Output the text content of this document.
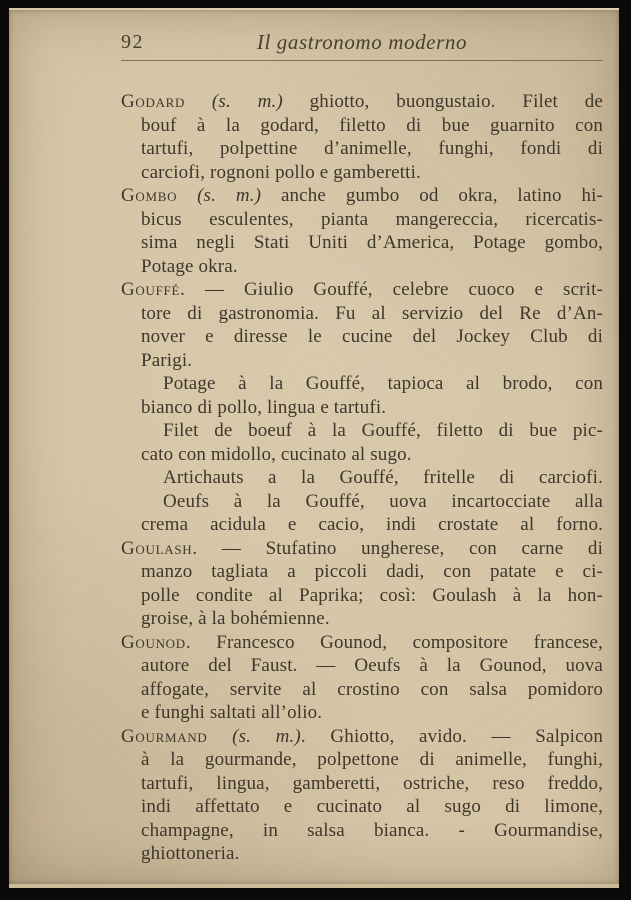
92	Il gastronomo moderno
Godard (s. m.) ghiotto, buongustaio. Filet de
bouf à la godard, filetto di bue guarnito con
tartufi, polpettine d’animelle, funghi, fondi di
carciofi, rognoni pollo e gamberetti.
Gombo (s. m.) anche gumbo od okra, latino hi-
bicus esculentes, pianta mangereccia, ricercatis-
sima negli Stati Uniti d’America, Potage gombo,
Potage okra.
Gouffé. — Giulio Gouffé, celebre cuoco e scrit-
tore di gastronomia. Fu al servizio del Re d’An-
nover e diresse le cucine del Jockey Club di
Parigi.
Potage à la Gouffé, tapioca al brodo, con
bianco di pollo, lingua e tartufi.
Filet de boeuf à la Gouffé, filetto di bue pic-
cato con midollo, cucinato al sugo.
Artichauts a la Gouffé, fritelle di carciofi.
Oeufs à la Gouffé, uova incartocciate alla
crema acidula e cacio, indi crostate al forno.
Goulash. — Stufatino ungherese, con carne di
manzo tagliata a piccoli dadi, con patate e ci-
polle condite al Paprika; così: Goulash à la hon-
groise, à la bohémienne.
Gounod. Francesco Gounod, compositore francese,
autore del Faust. — Oeufs à la Gounod, uova
affogate, servite al crostino con salsa pomidoro
e funghi saltati all’olio.
Gourmand (s. m.). Ghiotto, avido. — Salpicon
à la gourmande, polpettone di animelle, funghi,
tartufi, lingua, gamberetti, ostriche, reso freddo,
indi affettato e cucinato al sugo di limone,
champagne, in salsa bianca. - Gourmandise,
ghiottoneria.
